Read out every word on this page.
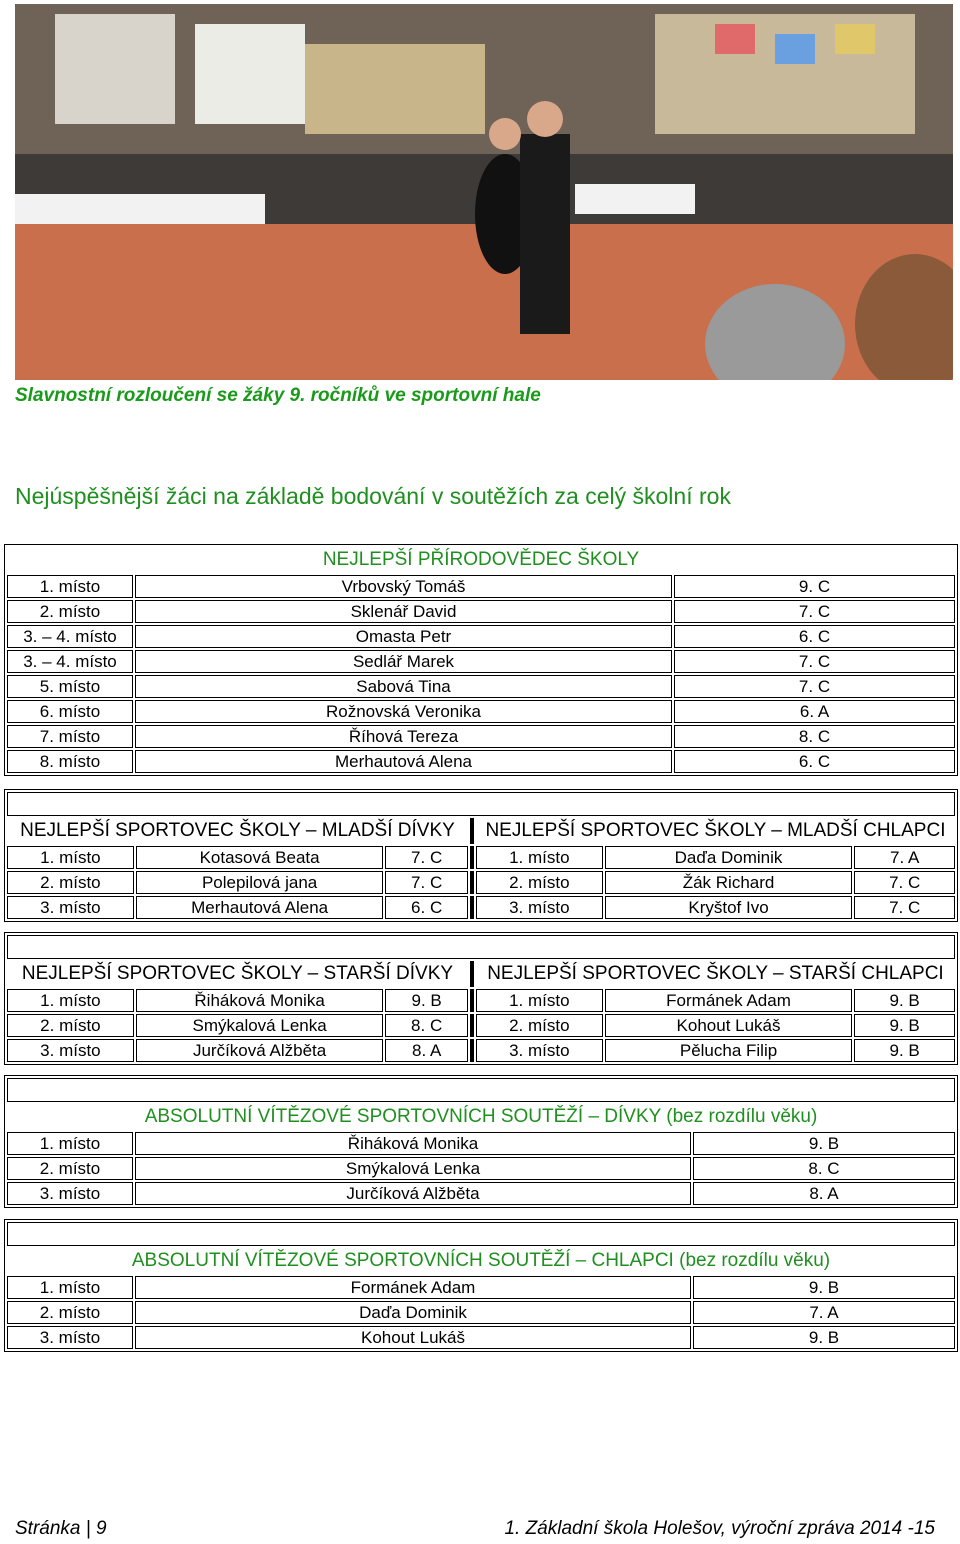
Slavnostní rozloučení se žáky 9. ročníků ve sportovní hale
Nejúspěšnější žáci na základě bodování v soutěžích za celý školní rok
NEJLEPŠÍ PŘÍRODOVĚDEC ŠKOLY		
1. místo	Vrbovský Tomáš	9. C
2. místo	Sklenář David	7. C
3. – 4. místo	Omasta Petr	6. C
3. – 4. místo	Sedlář Marek	7. C
5. místo	Sabová Tina	7. C
6. místo	Rožnovská Veronika	6. A
7. místo	Říhová Tereza	8. C
8. místo	Merhautová Alena	6. C

NEJLEPŠÍ SPORTOVEC ŠKOLY – MLADŠÍ DÍVKY				NEJLEPŠÍ SPORTOVEC ŠKOLY – MLADŠÍ CHLAPCI		
1. místo	Kotasová Beata	7. C		1. místo	Daďa Dominik	7. A
2. místo	Polepilová jana	7. C		2. místo	Žák Richard	7. C
3. místo	Merhautová Alena	6. C		3. místo	Kryštof Ivo	7. C

NEJLEPŠÍ SPORTOVEC ŠKOLY – STARŠÍ DÍVKY				NEJLEPŠÍ SPORTOVEC ŠKOLY – STARŠÍ CHLAPCI		
1. místo	Řiháková Monika	9. B		1. místo	Formánek Adam	9. B
2. místo	Smýkalová Lenka	8. C		2. místo	Kohout Lukáš	9. B
3. místo	Jurčíková Alžběta	8. A		3. místo	Pělucha Filip	9. B

ABSOLUTNÍ VÍTĚZOVÉ SPORTOVNÍCH SOUTĚŽÍ – DÍVKY (bez rozdílu věku)		
1. místo	Řiháková Monika	9. B
2. místo	Smýkalová Lenka	8. C
3. místo	Jurčíková Alžběta	8. A

ABSOLUTNÍ VÍTĚZOVÉ SPORTOVNÍCH SOUTĚŽÍ – CHLAPCI (bez rozdílu věku)		
1. místo	Formánek Adam	9. B
2. místo	Daďa Dominik	7. A
3. místo	Kohout Lukáš	9. B
Stránka | 9	1. Základní škola Holešov, výroční zpráva 2014 -15
